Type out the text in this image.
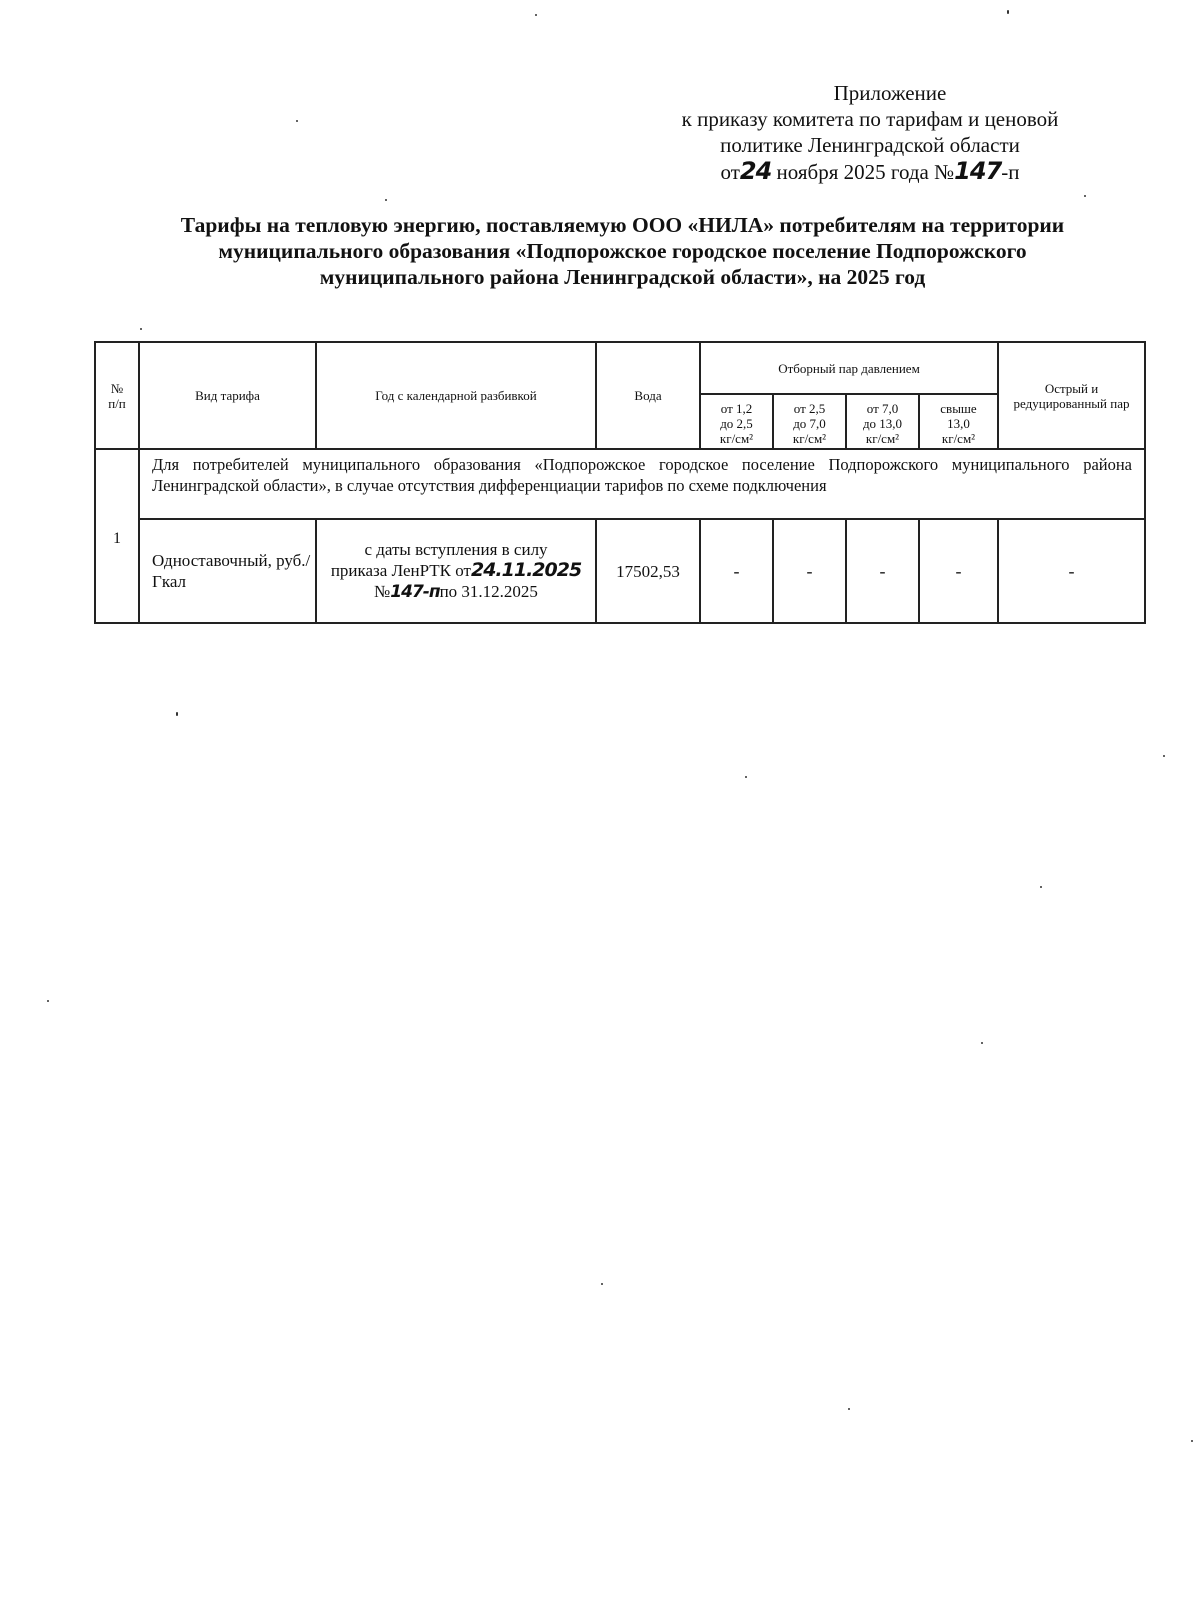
Приложение
к приказу комитета по тарифам и ценовой
политике Ленинградской области
от24 ноября 2025 года №147-п
Тарифы на тепловую энергию, поставляемую ООО «НИЛА» потребителям на территории
муниципального образования «Подпорожское городское поселение Подпорожского
муниципального района Ленинградской области», на 2025 год
№
п/п	Вид тарифа	Год с календарной разбивкой	Вода	Отборный пар давлением				Острый и
редуцированный пар
				от 1,2
до 2,5
кг/см²	от 2,5
до 7,0
кг/см²	от 7,0
до 13,0
кг/см²	свыше
13,0
кг/см²	
1	Для потребителей муниципального образования «Подпорожское городское поселение Подпорожского муниципального района Ленинградской области», в случае отсутствия дифференциации тарифов по схеме подключения							
	Одноставочный, руб./Гкал	с даты вступления в силу
приказа ЛенРТК от24.11.2025
№147-ппо 31.12.2025	17502,53	-	-	-	-	-
